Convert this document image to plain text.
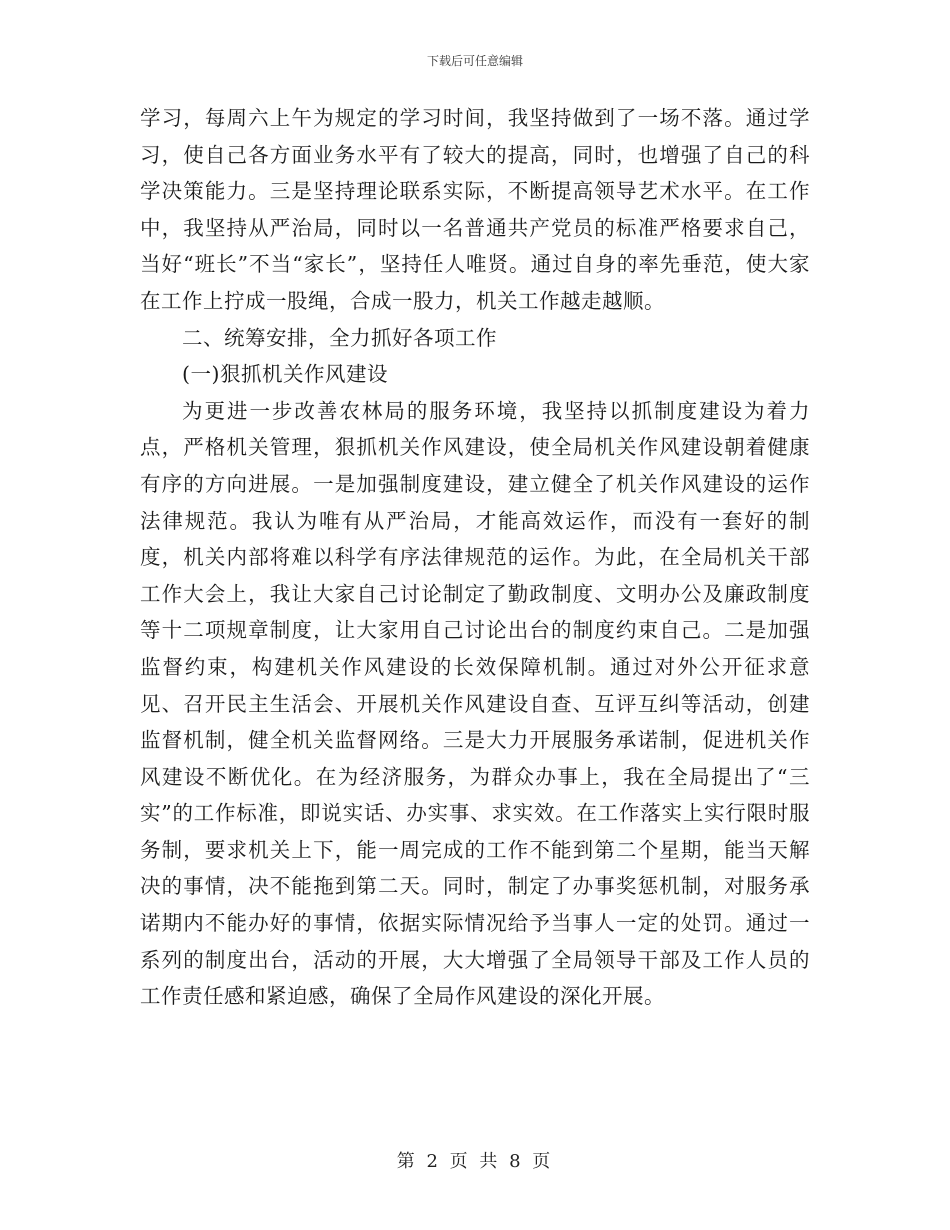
下载后可任意编辑

学习，每周六上午为规定的学习时间，我坚持做到了一场不落。通过学习，使自己各方面业务水平有了较大的提高，同时，也增强了自己的科学决策能力。三是坚持理论联系实际，不断提高领导艺术水平。在工作中，我坚持从严治局，同时以一名普通共产党员的标准严格要求自己，当好“班长”不当“家长”，坚持任人唯贤。通过自身的率先垂范，使大家在工作上拧成一股绳，合成一股力，机关工作越走越顺。

二、统筹安排，全力抓好各项工作

(一)狠抓机关作风建设

为更进一步改善农林局的服务环境，我坚持以抓制度建设为着力点，严格机关管理，狠抓机关作风建设，使全局机关作风建设朝着健康有序的方向进展。一是加强制度建设，建立健全了机关作风建设的运作法律规范。我认为唯有从严治局，才能高效运作，而没有一套好的制度，机关内部将难以科学有序法律规范的运作。为此，在全局机关干部工作大会上，我让大家自己讨论制定了勤政制度、文明办公及廉政制度等十二项规章制度，让大家用自己讨论出台的制度约束自己。二是加强监督约束，构建机关作风建设的长效保障机制。通过对外公开征求意见、召开民主生活会、开展机关作风建设自查、互评互纠等活动，创建监督机制，健全机关监督网络。三是大力开展服务承诺制，促进机关作风建设不断优化。在为经济服务，为群众办事上，我在全局提出了“三实”的工作标准，即说实话、办实事、求实效。在工作落实上实行限时服务制，要求机关上下，能一周完成的工作不能到第二个星期，能当天解决的事情，决不能拖到第二天。同时，制定了办事奖惩机制，对服务承诺期内不能办好的事情，依据实际情况给予当事人一定的处罚。通过一系列的制度出台，活动的开展，大大增强了全局领导干部及工作人员的工作责任感和紧迫感，确保了全局作风建设的深化开展。

第 2 页 共 8 页
